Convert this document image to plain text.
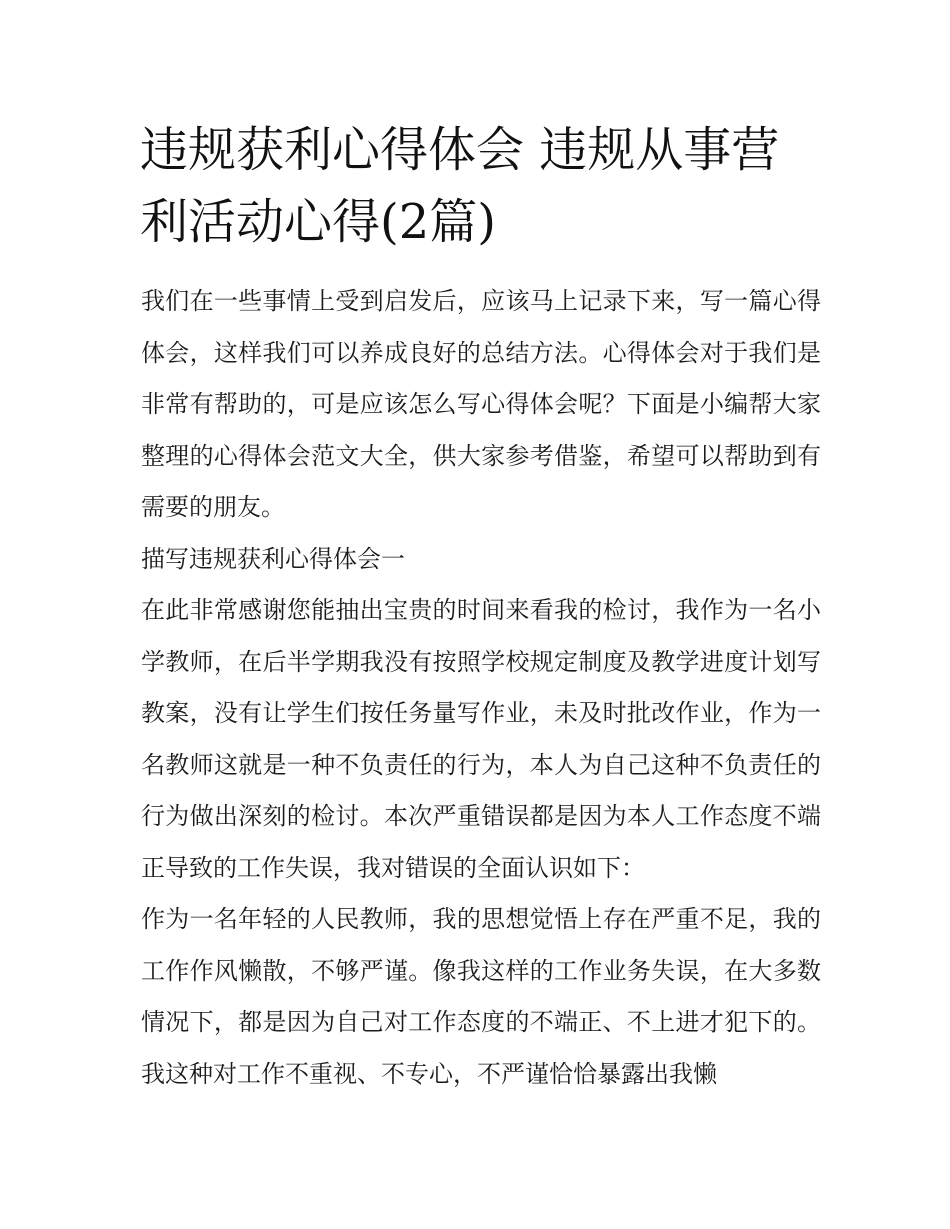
违规获利心得体会 违规从事营利活动心得(2篇)

我们在一些事情上受到启发后，应该马上记录下来，写一篇心得体会，这样我们可以养成良好的总结方法。心得体会对于我们是非常有帮助的，可是应该怎么写心得体会呢？下面是小编帮大家整理的心得体会范文大全，供大家参考借鉴，希望可以帮助到有需要的朋友。

描写违规获利心得体会一

在此非常感谢您能抽出宝贵的时间来看我的检讨，我作为一名小学教师，在后半学期我没有按照学校规定制度及教学进度计划写教案，没有让学生们按任务量写作业，未及时批改作业，作为一名教师这就是一种不负责任的行为，本人为自己这种不负责任的行为做出深刻的检讨。本次严重错误都是因为本人工作态度不端正导致的工作失误，我对错误的全面认识如下：

作为一名年轻的人民教师，我的思想觉悟上存在严重不足，我的工作作风懒散，不够严谨。像我这样的工作业务失误，在大多数情况下，都是因为自己对工作态度的不端正、不上进才犯下的。我这种对工作不重视、不专心，不严谨恰恰暴露出我懒
